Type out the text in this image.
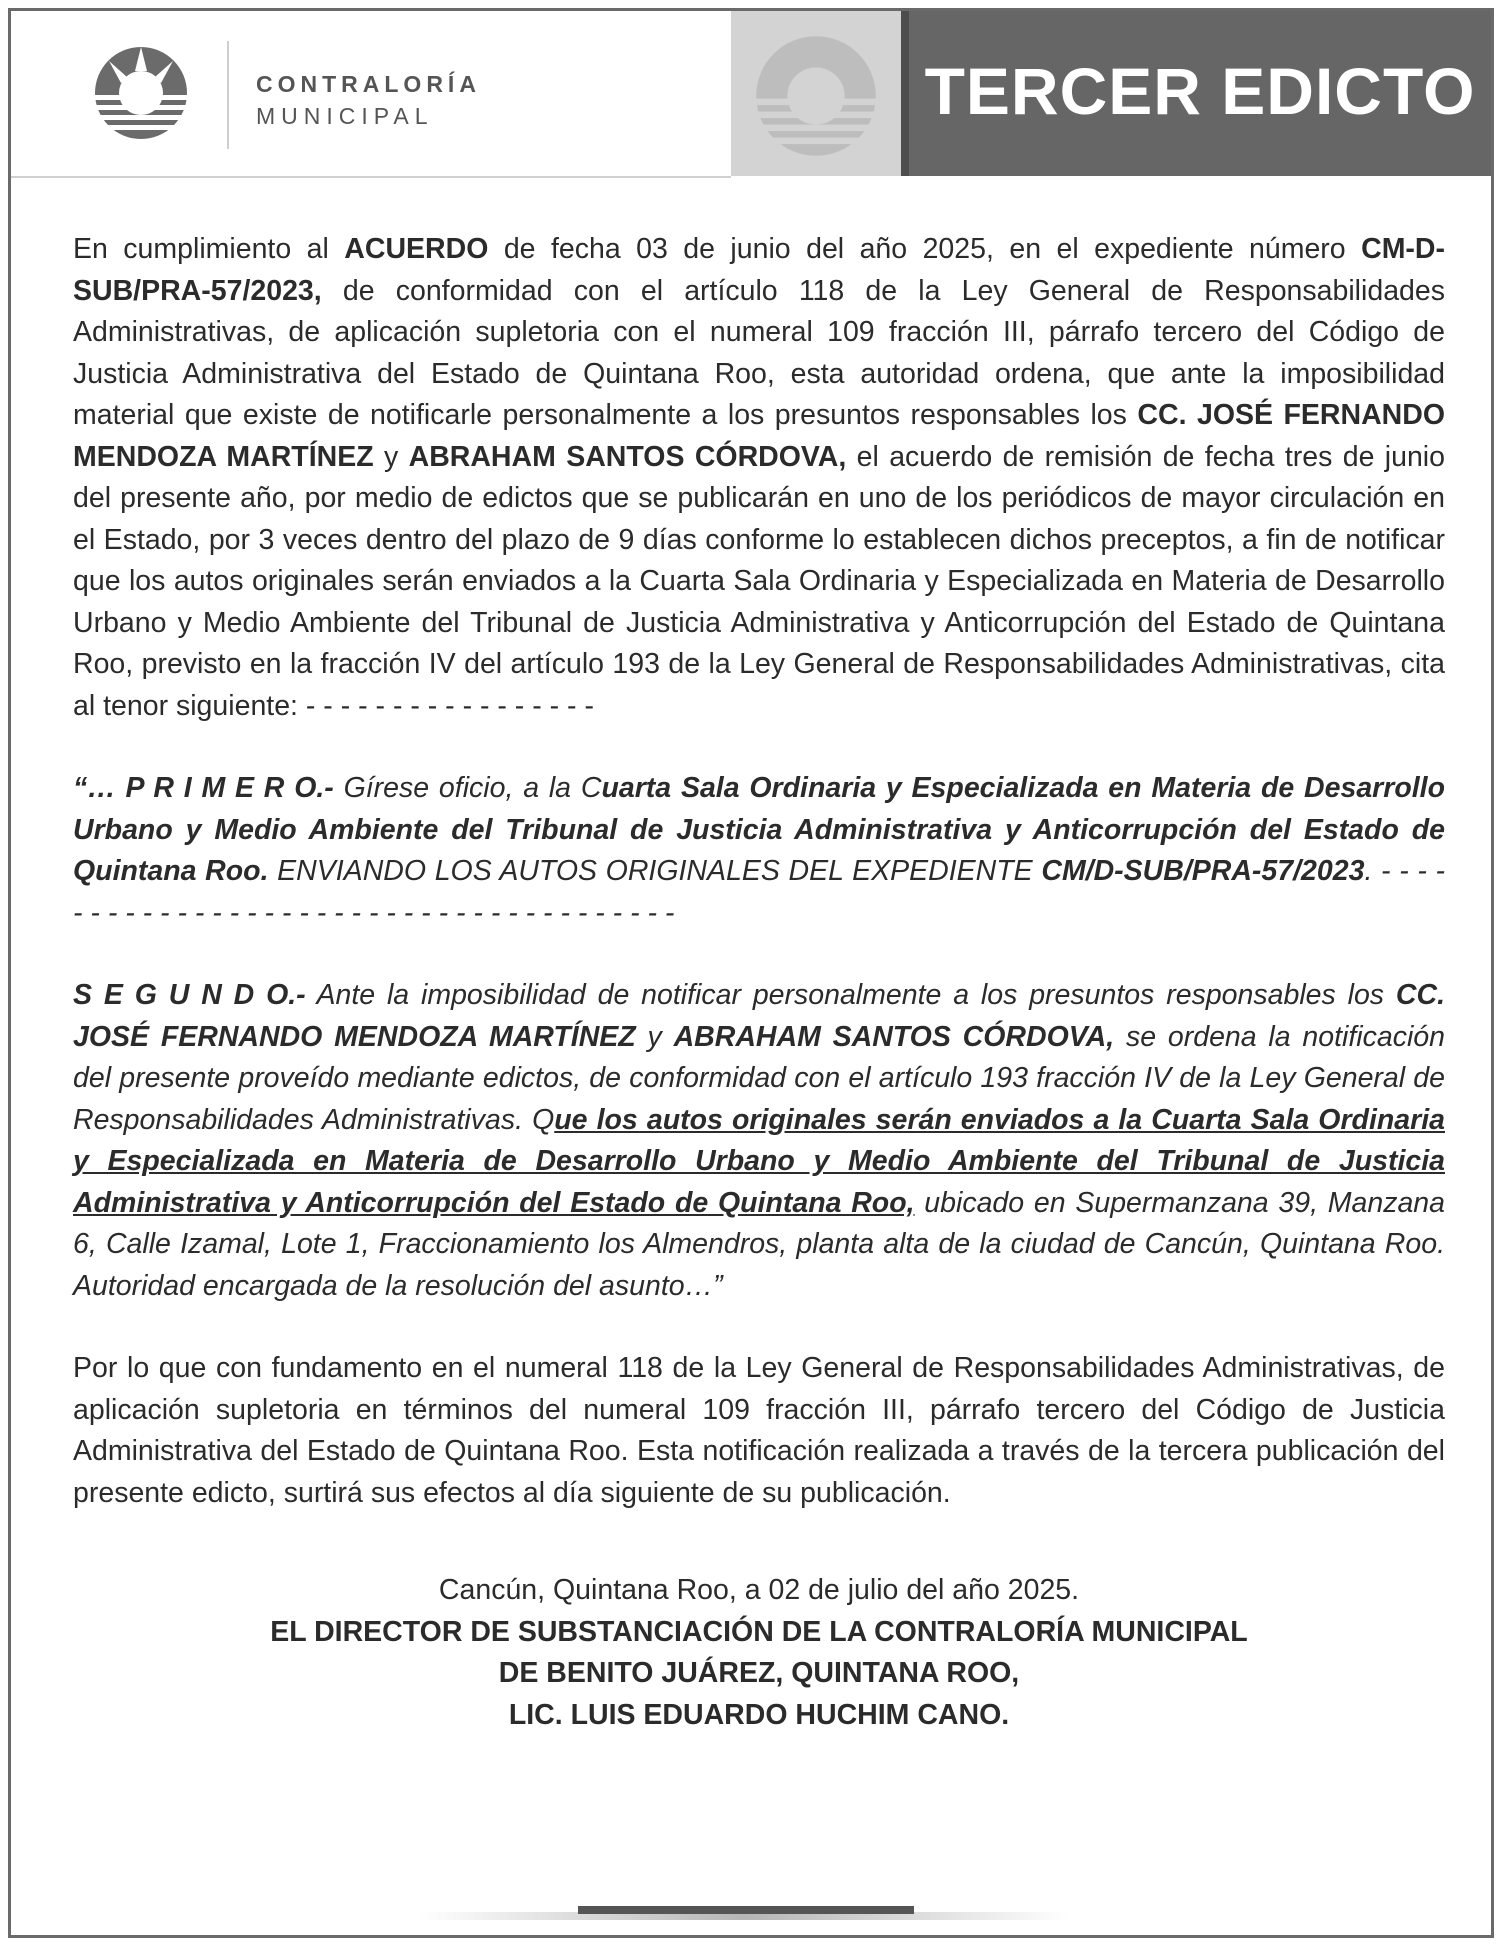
CONTRALORÍA
MUNICIPAL	TERCER EDICTO

En cumplimiento al ACUERDO de fecha 03 de junio del año 2025, en el expediente número CM-D-SUB/PRA-57/2023, de conformidad con el artículo 118 de la Ley General de Responsabilidades Administrativas, de aplicación supletoria con el numeral 109 fracción III, párrafo tercero del Código de Justicia Administrativa del Estado de Quintana Roo, esta autoridad ordena, que ante la imposibilidad material que existe de notificarle personalmente a los presuntos responsables los CC. JOSÉ FERNANDO MENDOZA MARTÍNEZ y ABRAHAM SANTOS CÓRDOVA, el acuerdo de remisión de fecha tres de junio del presente año, por medio de edictos que se publicarán en uno de los periódicos de mayor circulación en el Estado, por 3 veces dentro del plazo de 9 días conforme lo establecen dichos preceptos, a fin de notificar que los autos originales serán enviados a la Cuarta Sala Ordinaria y Especializada en Materia de Desarrollo Urbano y Medio Ambiente del Tribunal de Justicia Administrativa y Anticorrupción del Estado de Quintana Roo, previsto en la fracción IV del artículo 193 de la Ley General de Responsabilidades Administrativas, cita al tenor siguiente: - - - - - - - - - - - - - - - - -

“… P R I M E R O.- Gírese oficio, a la Cuarta Sala Ordinaria y Especializada en Materia de Desarrollo Urbano y Medio Ambiente del Tribunal de Justicia Administrativa y Anticorrupción del Estado de Quintana Roo. ENVIANDO LOS AUTOS ORIGINALES DEL EXPEDIENTE CM/D-SUB/PRA-57/2023. - - - - - - - - - - - - - - - - - - - - - - - - - - - - - - - - - - - - - - -

S E G U N D O.- Ante la imposibilidad de notificar personalmente a los presuntos responsables los CC. JOSÉ FERNANDO MENDOZA MARTÍNEZ y ABRAHAM SANTOS CÓRDOVA, se ordena la notificación del presente proveído mediante edictos, de conformidad con el artículo 193 fracción IV de la Ley General de Responsabilidades Administrativas. Que los autos originales serán enviados a la Cuarta Sala Ordinaria y Especializada en Materia de Desarrollo Urbano y Medio Ambiente del Tribunal de Justicia Administrativa y Anticorrupción del Estado de Quintana Roo, ubicado en Supermanzana 39, Manzana 6, Calle Izamal, Lote 1, Fraccionamiento los Almendros, planta alta de la ciudad de Cancún, Quintana Roo. Autoridad encargada de la resolución del asunto…”

Por lo que con fundamento en el numeral 118 de la Ley General de Responsabilidades Administrativas, de aplicación supletoria en términos del numeral 109 fracción III, párrafo tercero del Código de Justicia Administrativa del Estado de Quintana Roo. Esta notificación realizada a través de la tercera publicación del presente edicto, surtirá sus efectos al día siguiente de su publicación.

Cancún, Quintana Roo, a 02 de julio del año 2025.
EL DIRECTOR DE SUBSTANCIACIÓN DE LA CONTRALORÍA MUNICIPAL
DE BENITO JUÁREZ, QUINTANA ROO,
LIC. LUIS EDUARDO HUCHIM CANO.
